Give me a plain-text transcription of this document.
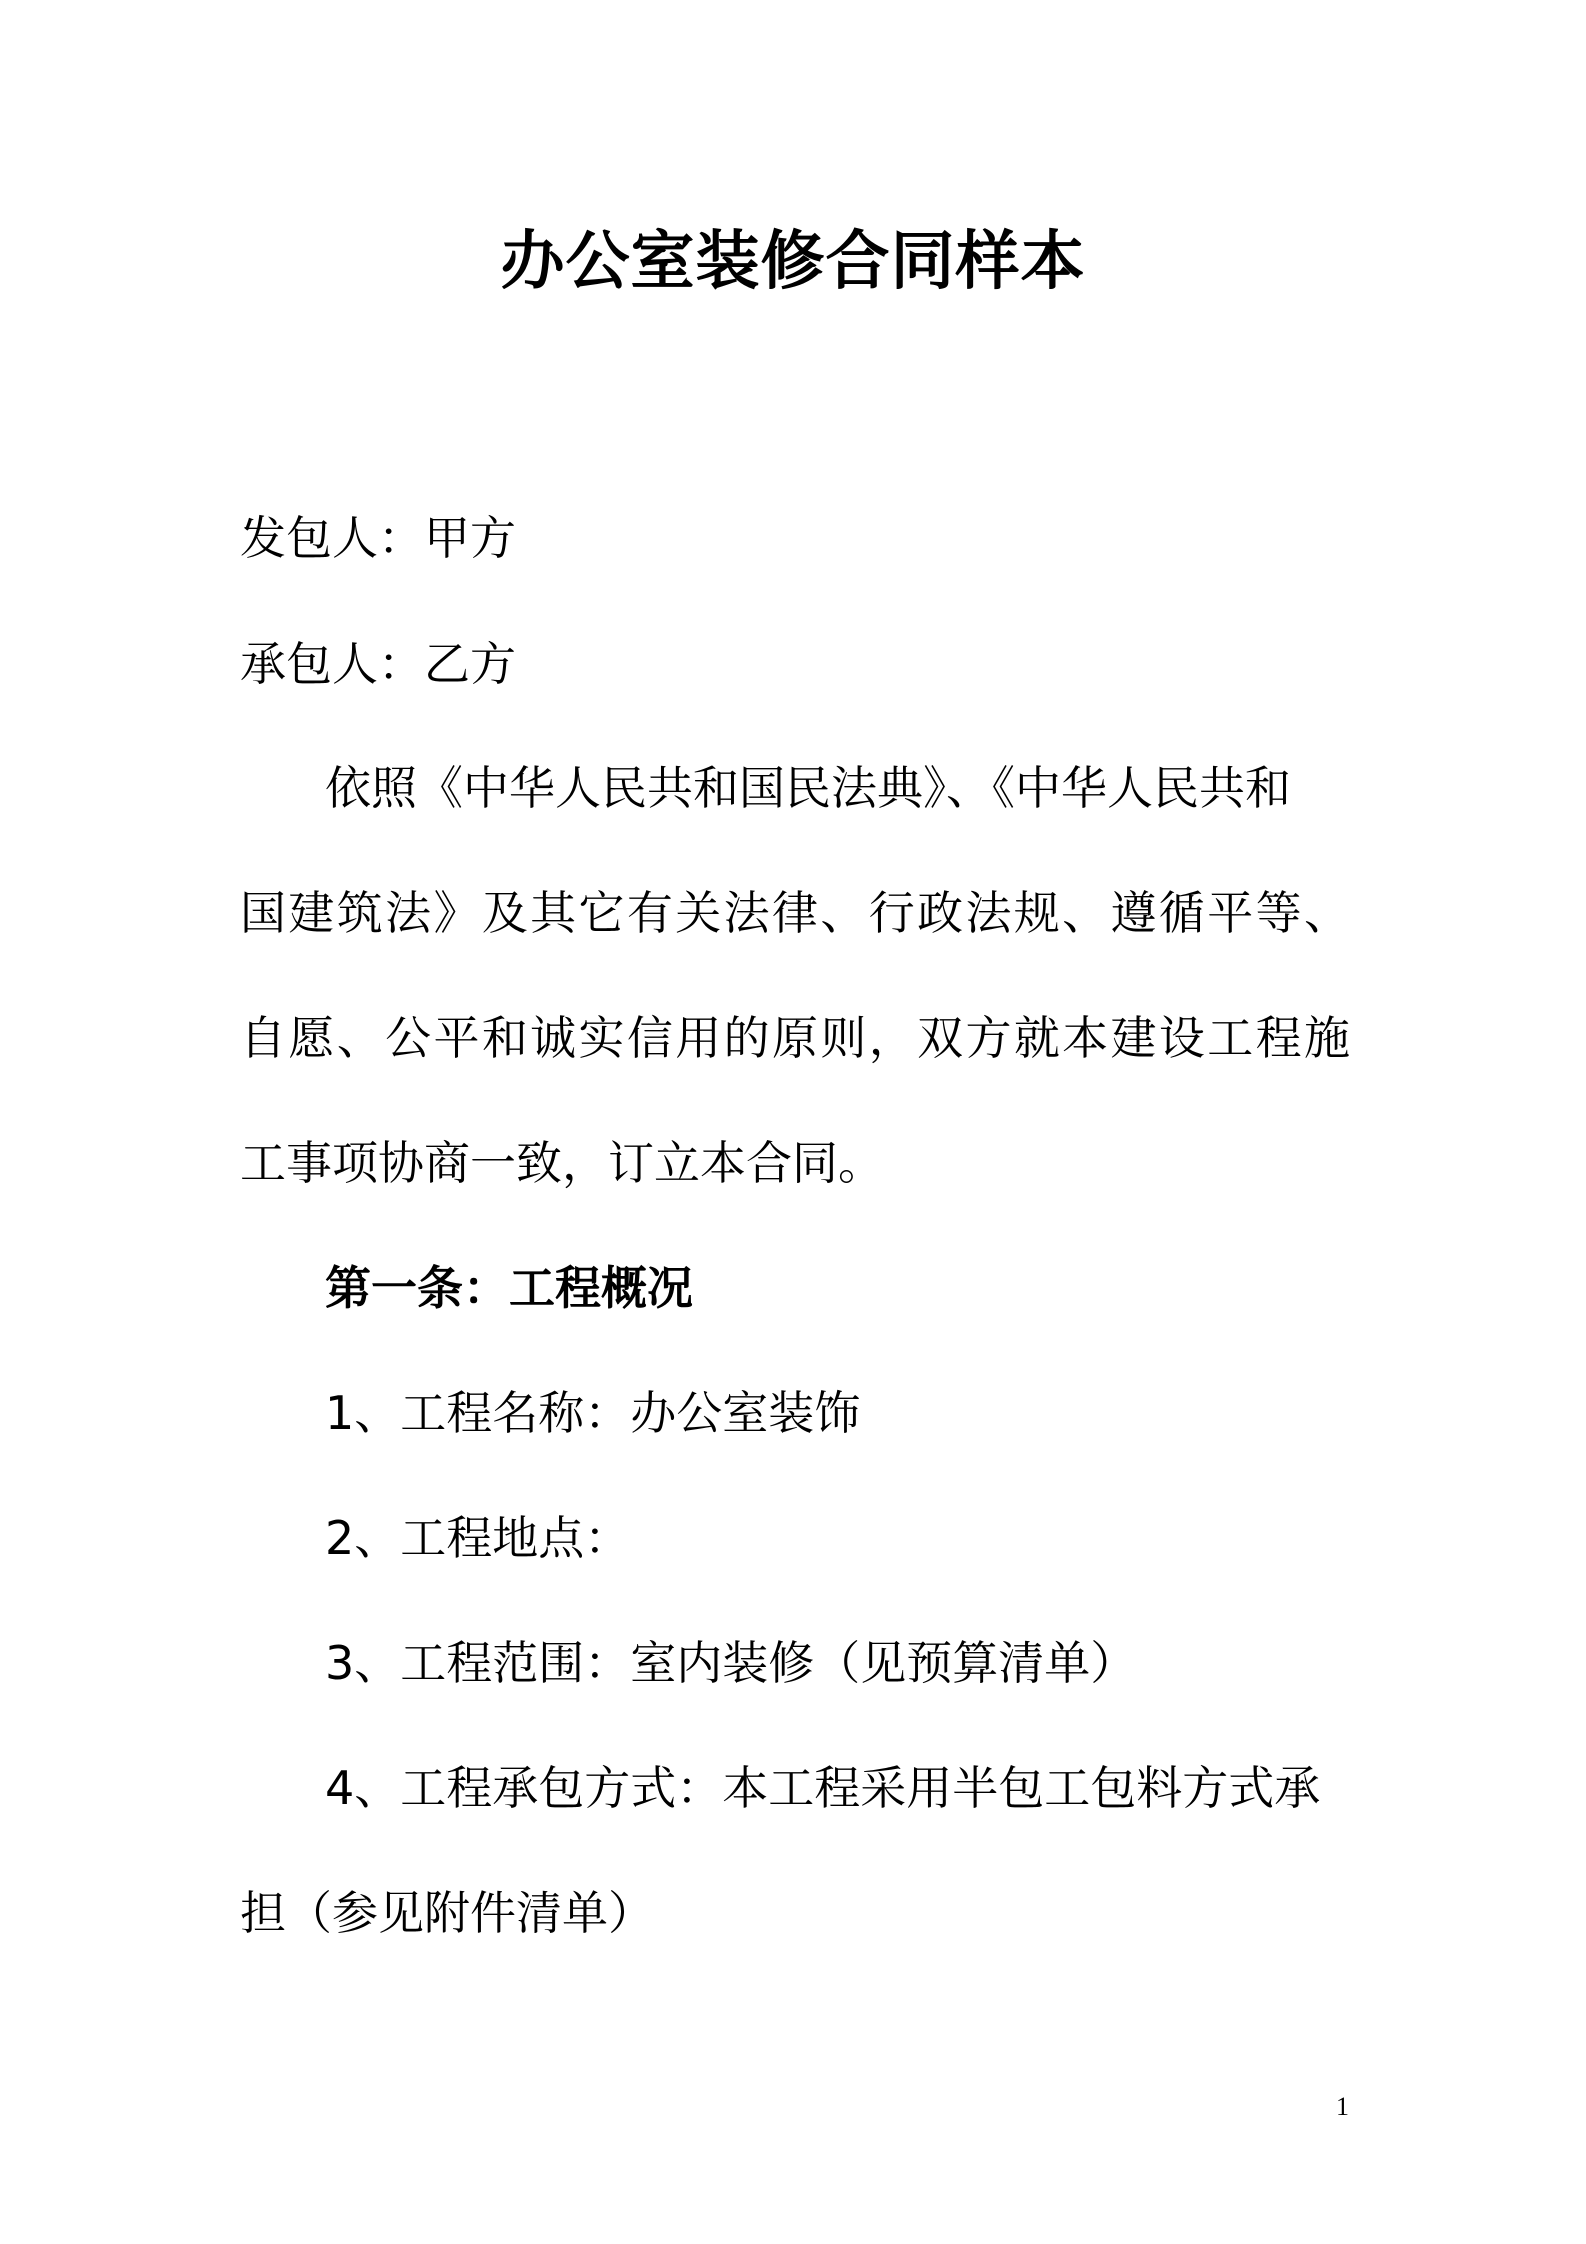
办公室装修合同样本
发包人：甲方
承包人：乙方
依照《中华人民共和国民法典》、《中华人民共和
国建筑法》及其它有关法律、行政法规、遵循平等、
自愿、公平和诚实信用的原则，双方就本建设工程施
工事项协商一致，订立本合同。
第一条：工程概况
1、工程名称：办公室装饰
2、工程地点：
3、工程范围：室内装修（见预算清单）
4、工程承包方式：本工程采用半包工包料方式承
担（参见附件清单）
1
